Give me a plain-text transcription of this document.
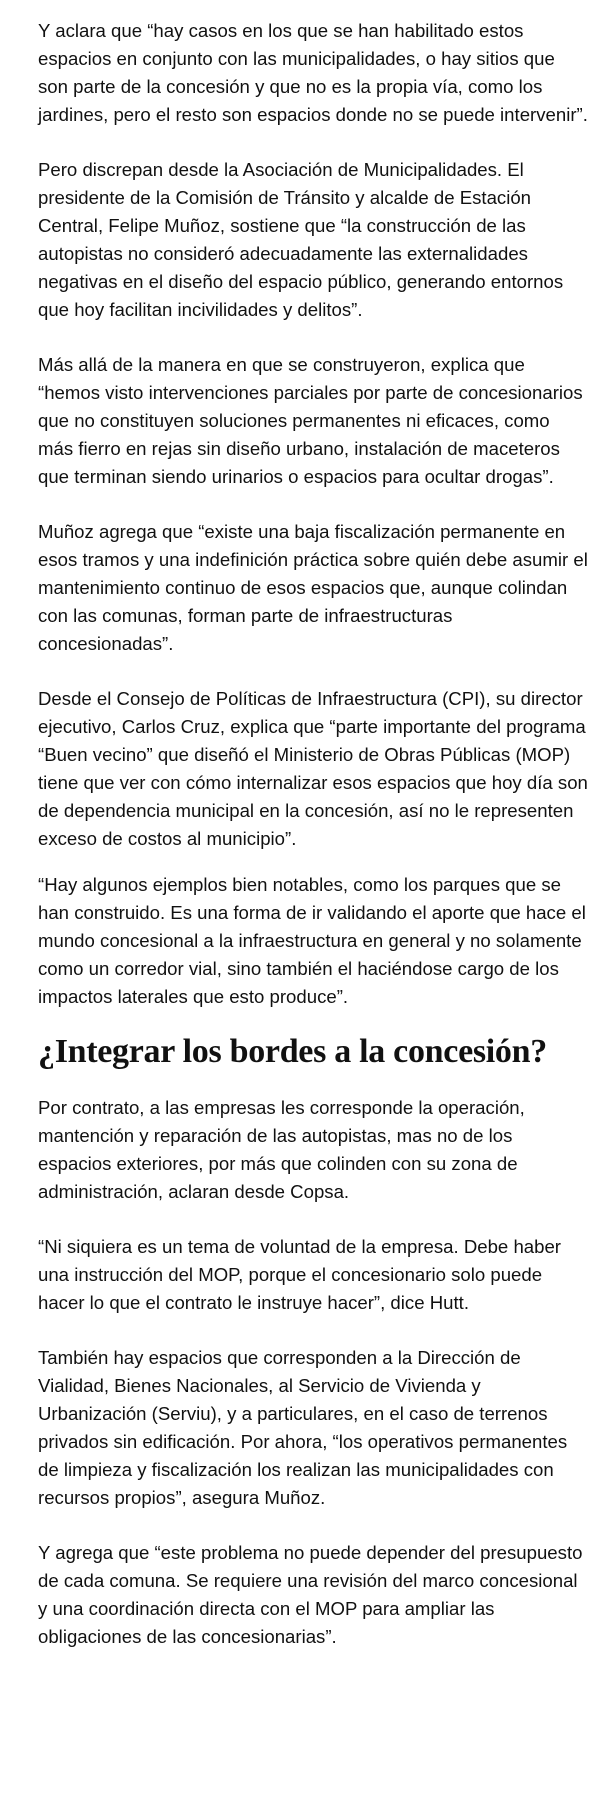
Y aclara que “hay casos en los que se han habilitado estos espacios en conjunto con las municipalidades, o hay sitios que son parte de la concesión y que no es la propia vía, como los jardines, pero el resto son espacios donde no se puede intervenir”.

Pero discrepan desde la Asociación de Municipalidades. El presidente de la Comisión de Tránsito y alcalde de Estación Central, Felipe Muñoz, sostiene que “la construcción de las autopistas no consideró adecuadamente las externalidades negativas en el diseño del espacio público, generando entornos que hoy facilitan incivilidades y delitos”.

Más allá de la manera en que se construyeron, explica que “hemos visto intervenciones parciales por parte de concesionarios que no constituyen soluciones permanentes ni eficaces, como más fierro en rejas sin diseño urbano, instalación de maceteros que terminan siendo urinarios o espacios para ocultar drogas”.

Muñoz agrega que “existe una baja fiscalización permanente en esos tramos y una indefinición práctica sobre quién debe asumir el mantenimiento continuo de esos espacios que, aunque colindan con las comunas, forman parte de infraestructuras concesionadas”.

Desde el Consejo de Políticas de Infraestructura (CPI), su director ejecutivo, Carlos Cruz, explica que “parte importante del programa “Buen vecino” que diseñó el Ministerio de Obras Públicas (MOP) tiene que ver con cómo internalizar esos espacios que hoy día son de dependencia municipal en la concesión, así no le representen exceso de costos al municipio”.

“Hay algunos ejemplos bien notables, como los parques que se han construido. Es una forma de ir validando el aporte que hace el mundo concesional a la infraestructura en general y no solamente como un corredor vial, sino también el haciéndose cargo de los impactos laterales que esto produce”.

¿Integrar los bordes a la concesión?

Por contrato, a las empresas les corresponde la operación, mantención y reparación de las autopistas, mas no de los espacios exteriores, por más que colinden con su zona de administración, aclaran desde Copsa.

“Ni siquiera es un tema de voluntad de la empresa. Debe haber una instrucción del MOP, porque el concesionario solo puede hacer lo que el contrato le instruye hacer”, dice Hutt.

También hay espacios que corresponden a la Dirección de Vialidad, Bienes Nacionales, al Servicio de Vivienda y Urbanización (Serviu), y a particulares, en el caso de terrenos privados sin edificación. Por ahora, “los operativos permanentes de limpieza y fiscalización los realizan las municipalidades con recursos propios”, asegura Muñoz.

Y agrega que “este problema no puede depender del presupuesto de cada comuna. Se requiere una revisión del marco concesional y una coordinación directa con el MOP para ampliar las obligaciones de las concesionarias”.
